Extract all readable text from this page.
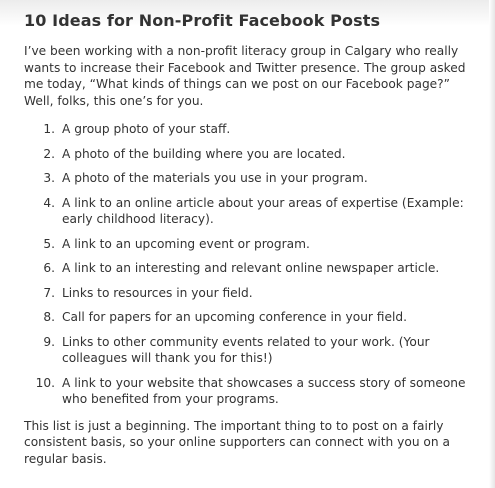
10 Ideas for Non-Profit Facebook Posts

I’ve been working with a non-profit literacy group in Calgary who really wants to increase their Facebook and Twitter presence. The group asked me today, “What kinds of things can we post on our Facebook page?” Well, folks, this one’s for you.

1. A group photo of your staff.
2. A photo of the building where you are located.
3. A photo of the materials you use in your program.
4. A link to an online article about your areas of expertise (Example: early childhood literacy).
5. A link to an upcoming event or program.
6. A link to an interesting and relevant online newspaper article.
7. Links to resources in your field.
8. Call for papers for an upcoming conference in your field.
9. Links to other community events related to your work. (Your colleagues will thank you for this!)
10. A link to your website that showcases a success story of someone who benefited from your programs.

This list is just a beginning. The important thing to to post on a fairly consistent basis, so your online supporters can connect with you on a regular basis.
